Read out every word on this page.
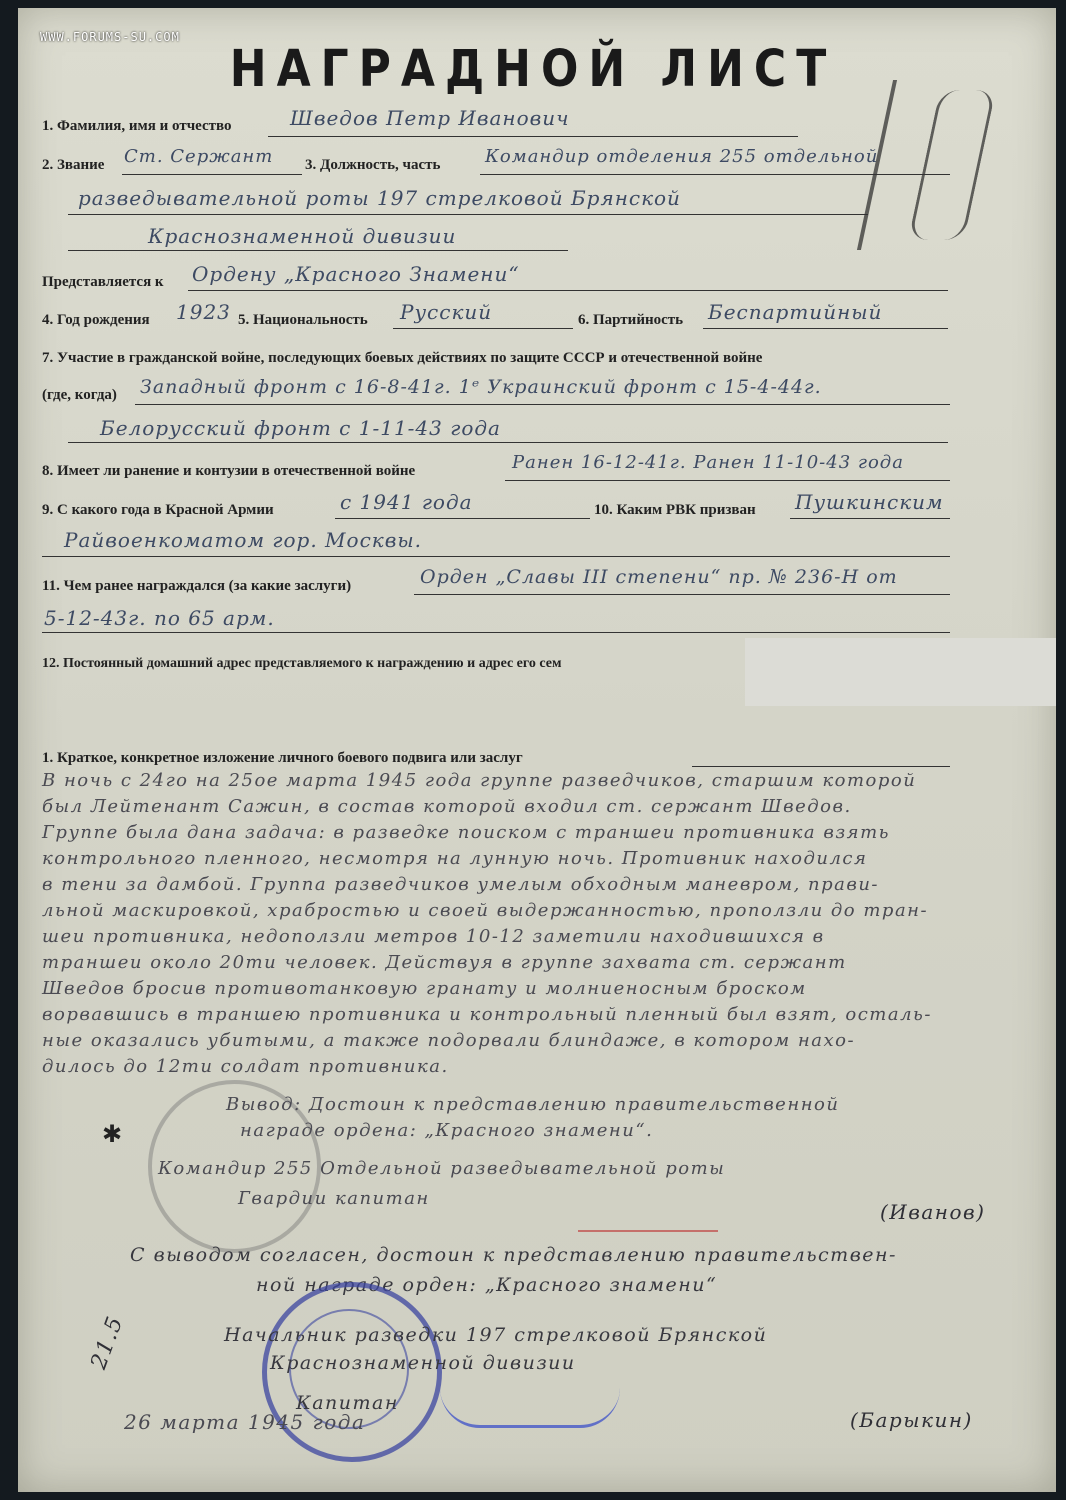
WWW.FORUMS-SU.COM
НАГРАДНОЙ ЛИСТ
1. Фамилия, имя и отчество	Шведов Петр Иванович
2. Звание Ст. Сержант 3. Должность, часть Командир отделения 255 отдельной
разведывательной роты 197 стрелковой Брянской
Краснознаменной дивизии
Представляется к Ордену „Красного Знамени“
4. Год рождения 1923 5. Национальность Русский	6. Партийность Беспартийный
7. Участие в гражданской войне, последующих боевых действиях по защите СССР и отечественной войне
(где, когда) Западный фронт с 16-8-41г. 1ᵉ Украинский фронт с 15-4-44г.
Белорусский фронт с 1-11-43 года
8. Имеет ли ранение и контузии в отечественной войне	Ранен 16-12-41г. Ранен 11-10-43 года
9. С какого года в Красной Армии	с 1941 года	10. Каким РВК призван Пушкинским
Райвоенкоматом гор. Москвы.
11. Чем ранее награждался (за какие заслуги)	Орден „Славы III степени“ пр. № 236-Н от
5-12-43г. по 65 арм.
12. Постоянный домашний адрес представляемого к награждению и адрес его сем
1. Краткое, конкретное изложение личного боевого подвига или заслуг
В ночь с 24го на 25ое марта 1945 года группе разведчиков, старшим которой
был Лейтенант Сажин, в состав которой входил ст. сержант Шведов.
Группе была дана задача: в разведке поиском с траншеи противника взять
контрольного пленного, несмотря на лунную ночь. Противник находился
в тени за дамбой. Группа разведчиков умелым обходным маневром, прави-
льной маскировкой, храбростью и своей выдержанностью, проползли до тран-
шеи противника, недоползли метров 10-12 заметили находившихся в
траншеи около 20ти человек. Действуя в группе захвата ст. сержант
Шведов бросив противотанковую гранату и молниеносным броском
ворвавшись в траншею противника и контрольный пленный был взят, осталь-
ные оказались убитыми, а также подорвали блиндаже, в котором нахо-
дилось до 12ти солдат противника.
✱
Вывод: Достоин к представлению правительственной
награде ордена: „Красного знамени“.
Командир 255 Отдельной разведывательной роты
Гвардии капитан
(Иванов)
С выводом согласен, достоин к представлению правительствен-
ной награде орден: „Красного знамени“
Начальник разведки 197 стрелковой Брянской
Краснознаменной дивизии
Капитан
(Барыкин)
26 марта 1945 года
21.5
